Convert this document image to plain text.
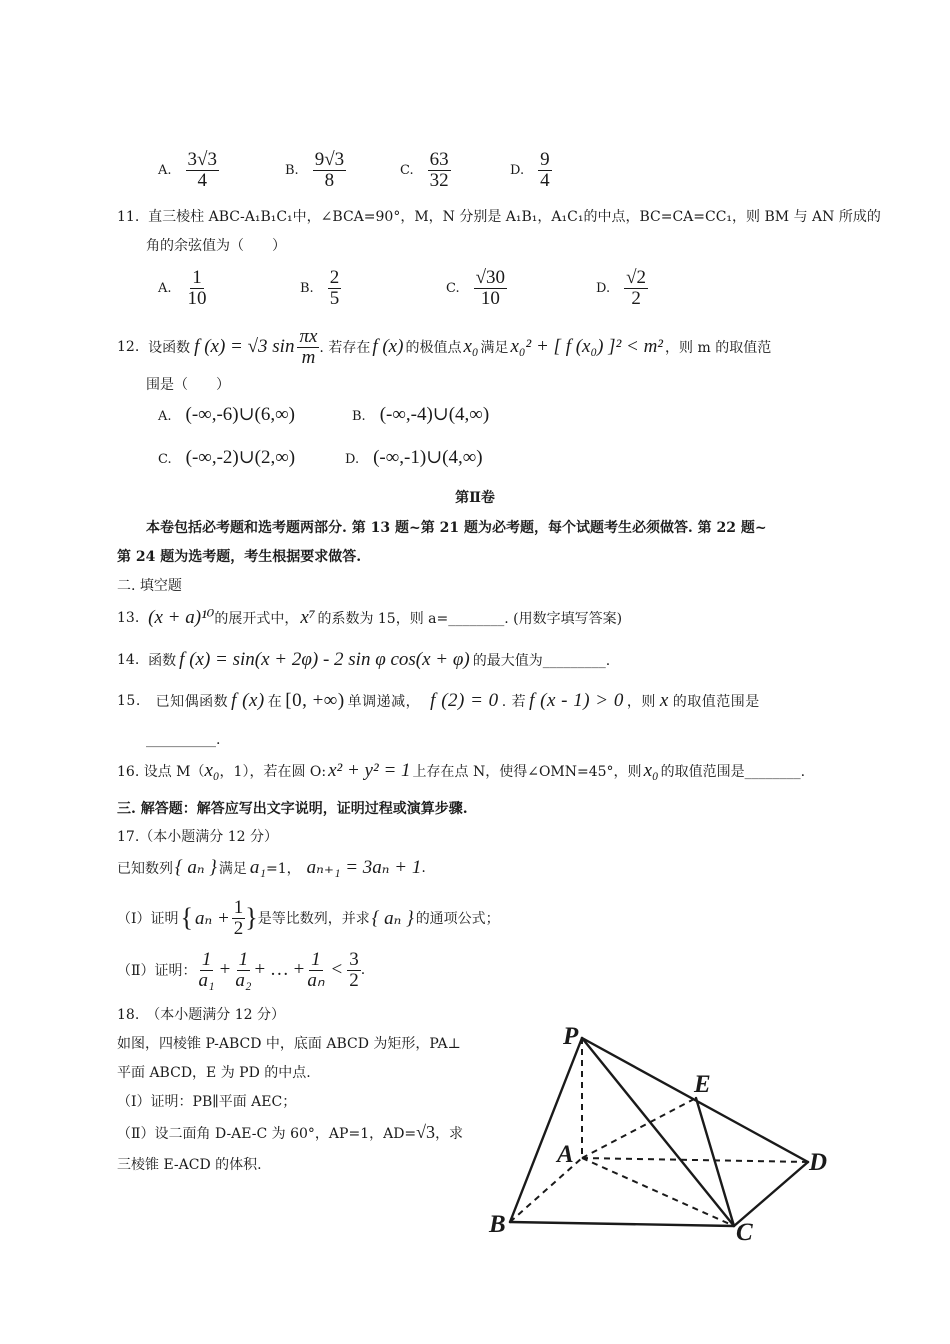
A. $\frac{3√3}{4}$	B. $\frac{9√3}{8}$	C. $\frac{63}{32}$	D. $\frac{9}{4}$
11. 直三棱柱 ABC-A₁B₁C₁中，∠BCA=90°，M，N 分别是 A₁B₁，A₁C₁的中点，BC=CA=CC₁，则 BM 与 AN 所成的
角的余弦值为（　　）
A. $\frac{1}{10}$	B. $\frac{2}{5}$	C. $\frac{√30}{10}$	D. $\frac{√2}{2}$
12.
设函数 f (x) = √3 $\sin \frac{\pi x}{m}$ . 若存在 f (x) 的极值点 x₀ 满足 x₀² + [ f (x₀) ]² < m² ，则 m 的取值范
围是（　　）
A. (-∞,-6)∪(6,∞)	B. (-∞,-4)∪(4,∞)
C. (-∞,-2)∪(2,∞)	D. (-∞,-1)∪(4,∞)
第Ⅱ卷
本卷包括必考题和选考题两部分. 第 13 题~第 21 题为必考题，每个试题考生必须做答. 第 22 题~
第 24 题为选考题，考生根据要求做答.
二. 填空题
13.
(x + a)¹⁰ 的展开式中， x⁷ 的系数为 15，则 a=________. (用数字填写答案)
14.
函数 f (x) = sin(x + 2φ) - 2 sin φ cos(x + φ) 的最大值为_________.
15.
已知偶函数 f (x) 在 [0, +∞) 单调递减， f (2) = 0 . 若 f (x - 1) > 0 ，则 x 的取值范围是
__________.
16. 设点 M（ x₀ ，1），若在圆 O: x² + y² = 1 上存在点 N，使得∠OMN=45°，则 x₀ 的取值范围是________.
三. 解答题：解答应写出文字说明，证明过程或演算步骤.
17.（本小题满分 12 分）
已知数列 { aₙ } 满足 a₁ =1， aₙ₊₁ = 3aₙ + 1 .
（Ⅰ）证明 { $a_n + \frac{1}{2}$ } 是等比数列，并求 { aₙ } 的通项公式；
（Ⅱ）证明： $\frac{1}{\text{a₁}} + \frac{1}{\text{a₂}}$ + … + $\frac{1}{\text{aₙ}} < \frac{3}{2}$ .
18.　（本小题满分 12 分）
如图，四棱锥 P-ABCD 中，底面 ABCD 为矩形，PA⊥
平面 ABCD，E 为 PD 的中点.
（Ⅰ）证明：PB∥平面 AEC；
（Ⅱ）设二面角 D-AE-C 为 60°，AP=1，AD= √3 ，求
三棱锥 E-ACD 的体积.
P
E
A	D
B	C
